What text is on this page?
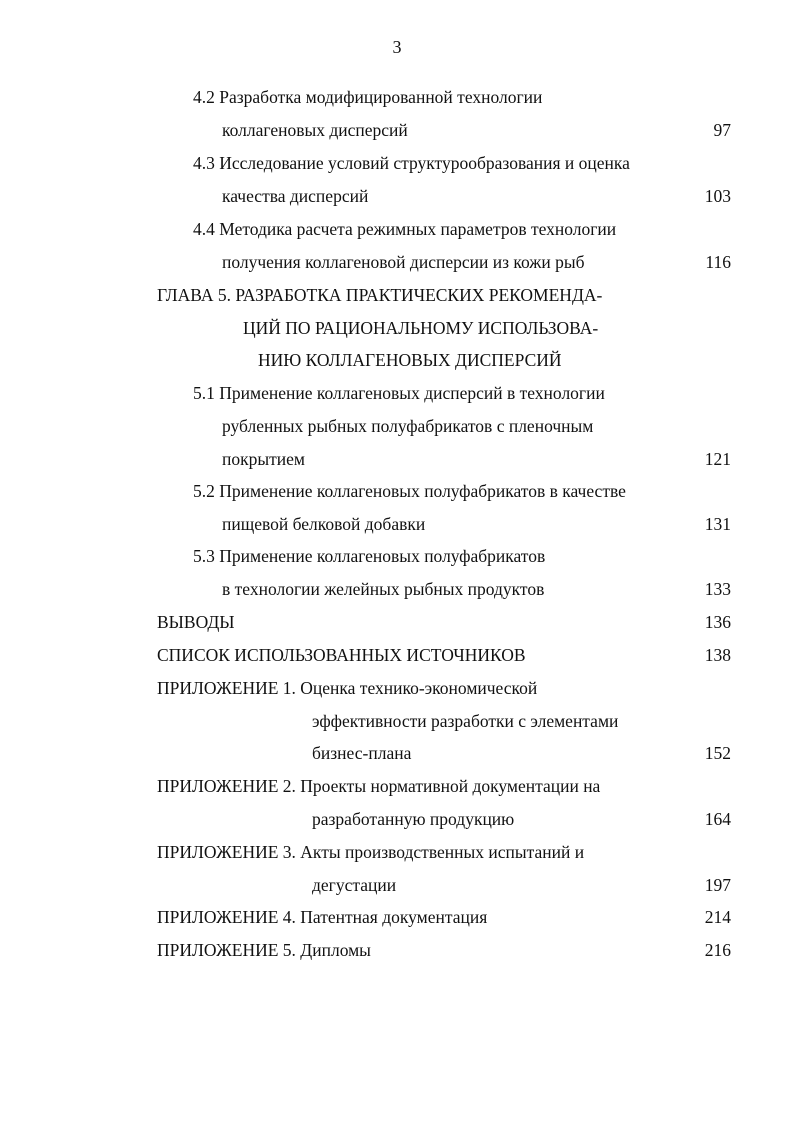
3
4.2 Разработка модифицированной технологии
коллагеновых дисперсий	97
4.3 Исследование условий структурообразования и оценка
качества дисперсий	103
4.4 Методика расчета режимных параметров технологии
получения коллагеновой дисперсии из кожи рыб	116
ГЛАВА 5. РАЗРАБОТКА ПРАКТИЧЕСКИХ РЕКОМЕНДА-
ЦИЙ ПО РАЦИОНАЛЬНОМУ ИСПОЛЬЗОВА-
НИЮ КОЛЛАГЕНОВЫХ ДИСПЕРСИЙ
5.1 Применение коллагеновых дисперсий в технологии
рубленных рыбных полуфабрикатов с пленочным
покрытием	121
5.2 Применение коллагеновых полуфабрикатов в качестве
пищевой белковой добавки	131
5.3 Применение коллагеновых полуфабрикатов
в технологии желейных рыбных продуктов	133
ВЫВОДЫ	136
СПИСОК ИСПОЛЬЗОВАННЫХ ИСТОЧНИКОВ	138
ПРИЛОЖЕНИЕ 1. Оценка технико-экономической
эффективности разработки с элементами
бизнес-плана	152
ПРИЛОЖЕНИЕ 2. Проекты нормативной документации на
разработанную продукцию	164
ПРИЛОЖЕНИЕ 3. Акты производственных испытаний и
дегустации	197
ПРИЛОЖЕНИЕ 4. Патентная документация	214
ПРИЛОЖЕНИЕ 5. Дипломы	216
